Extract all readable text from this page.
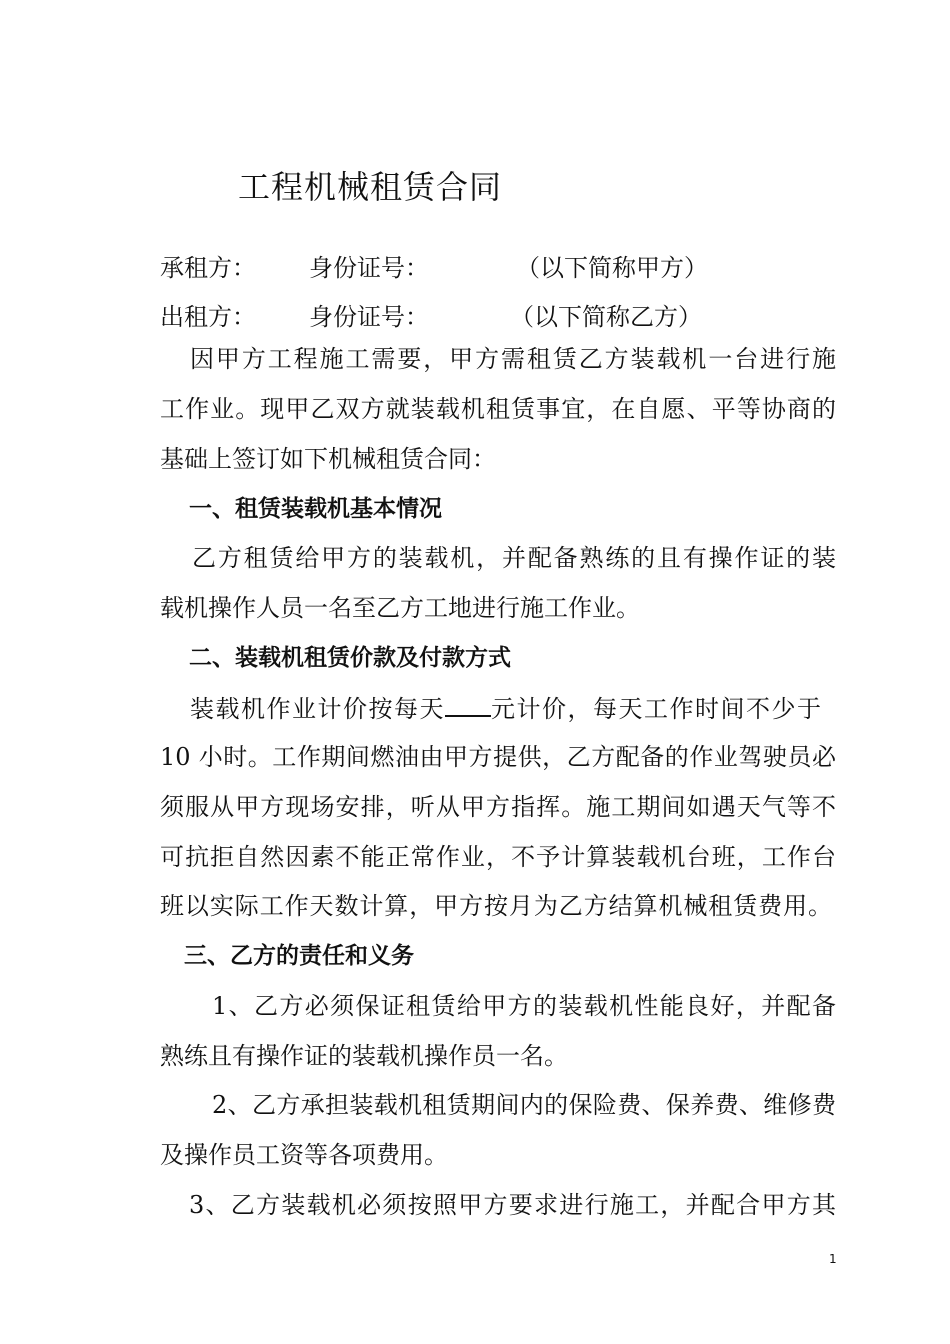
工程机械租赁合同
承租方： 身份证号：	（以下简称甲方）
出租方： 身份证号：	（以下简称乙方）
因甲方工程施工需要，甲方需租赁乙方装载机一台进行施
工作业。现甲乙双方就装载机租赁事宜，在自愿、平等协商的
基础上签订如下机械租赁合同：
一、租赁装载机基本情况
乙方租赁给甲方的装载机，并配备熟练的且有操作证的装
载机操作人员一名至乙方工地进行施工作业。
二、装载机租赁价款及付款方式
装载机作业计价按每天 元计价，每天工作时间不少于
10 小时。工作期间燃油由甲方提供，乙方配备的作业驾驶员必
须服从甲方现场安排，听从甲方指挥。施工期间如遇天气等不
可抗拒自然因素不能正常作业，不予计算装载机台班，工作台
班以实际工作天数计算，甲方按月为乙方结算机械租赁费用。
三、乙方的责任和义务
1、乙方必须保证租赁给甲方的装载机性能良好，并配备
熟练且有操作证的装载机操作员一名。
2、乙方承担装载机租赁期间内的保险费、保养费、维修费
及操作员工资等各项费用。
3、乙方装载机必须按照甲方要求进行施工，并配合甲方其
1
